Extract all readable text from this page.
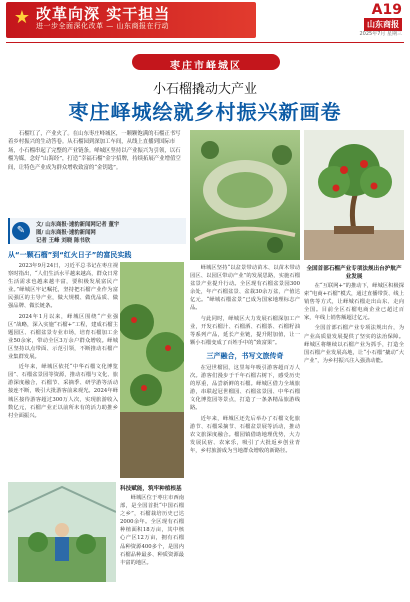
★ 改革向深 实干担当
进一步全面深化改革 — 山东商报在行动
A19
山东商报
2025年7月 星期三
枣庄市峄城区
小石榴撬动大产业
枣庄峄城绘就乡村振兴新画卷
石榴红了，产业火了。在山东枣庄峄城区，一颗颗饱满的石榴正书写着乡村振兴的生动答卷。从石榴园到深加工车间，从线上直播到国际市场，小石榴串起了完整的产业链条。峄城区坚持以产业振兴为引领，以石榴为媒，念好“山海经”，打造“幸福石榴”金字招牌，持续拓展产业增值空间，让特色产业成为群众增收致富的“金钥匙”。
✎	文/ 山东商报·速豹新闻网记者 董宇
图/ 山东商报·速豹新闻网
记者 王峰 刘晓 陈书欣
从“一颗石榴”到“红火日子”的富民实践

2023年9月24日，习近平总书记在枣庄视察时指出，“人们生活水平越来越高，群众日常生活需求也越来越丰富，要积极发展富民产业。”峄城区牢记嘱托，坚持把石榴产业作为富民强区的主导产业，做大规模、做优品质、做强品牌、做长链条。

2024年1月以来，峄城区围绕“产业强区”战略，深入实施“石榴+”工程，建成石榴主题园区、石榴盆景专业市场，培育石榴加工企业50余家，带动全区3万余户群众增收。峄城区坚持以点带面、示范引领，不断推动石榴产业集群发展。

近年来，峄城区依托“中华石榴文化博览园”、石榴盆景园等资源，推动石榴与文化、旅游深度融合，石榴节、采摘季、研学游等活动接连不断，吸引大批游客前来观光。2024年峄城区接待游客超过300万人次，实现旅游收入数亿元，石榴产业正以前所未有的活力助推乡村全面振兴。

科技赋能，筑牢种植根基

峄城区位于枣庄市西南部，是全国首批“中国石榴之乡”，石榴栽培历史已达2000余年。全区现有石榴种植面积18万亩，其中核心产区12万亩，拥有石榴品种资源400多个，是国内石榴品种最多、种质资源最丰富的地区。

峄城区坚持“以盆景带动苗木、以苗木带动园区、以园区带动产业”的发展思路，实施石榴盆景产业提升行动。全区现有石榴盆景园300余处，年产石榴盆景、盆栽30余万盆，产值达亿元。“峄城石榴盆景”已成为国家地理标志产品。

与此同时，峄城区大力发展石榴深加工产业，开发石榴汁、石榴酒、石榴茶、石榴籽油等系列产品，延长产业链，提升附加值，让一颗小石榴变成了百姓手中的“致富果”。

三产融合，书写文旅传奇

在冠世榴园，这里每年吸引游客超百万人次。游客们漫步于千年石榴古树下，感受历史的厚重，品尝新鲜的石榴。峄城区借力全域旅游，串联起冠世榴园、石榴盆景园、中华石榴文化博览园等景点，打造了一条条精品旅游线路。

近年来，峄城区还先后举办了石榴文化旅游节、石榴采摘节、石榴盆景展等活动，推动农文旅深度融合。榴园镇借助地理优势，大力发展民宿、农家乐，吸引了大批返乡创业青年，乡村旅游成为当地群众增收的新路径。

全国首部石榴产业专项法规出台护航产业发展

在“互联网+”的推动下，峄城区积极探索“电商+石榴”模式，通过直播带货、线上销售等方式，让峄城石榴走出山东、走向全国。目前全区石榴电商企业已超过百家，年线上销售额超过亿元。

全国首部石榴产业专项法规出台，为产业高质量发展提供了坚实的法治保障。峄城区将继续以石榴产业为抓手，打造全国石榴产业发展高地，让“小石榴”撬动“大产业”，为乡村振兴注入强劲动能。
